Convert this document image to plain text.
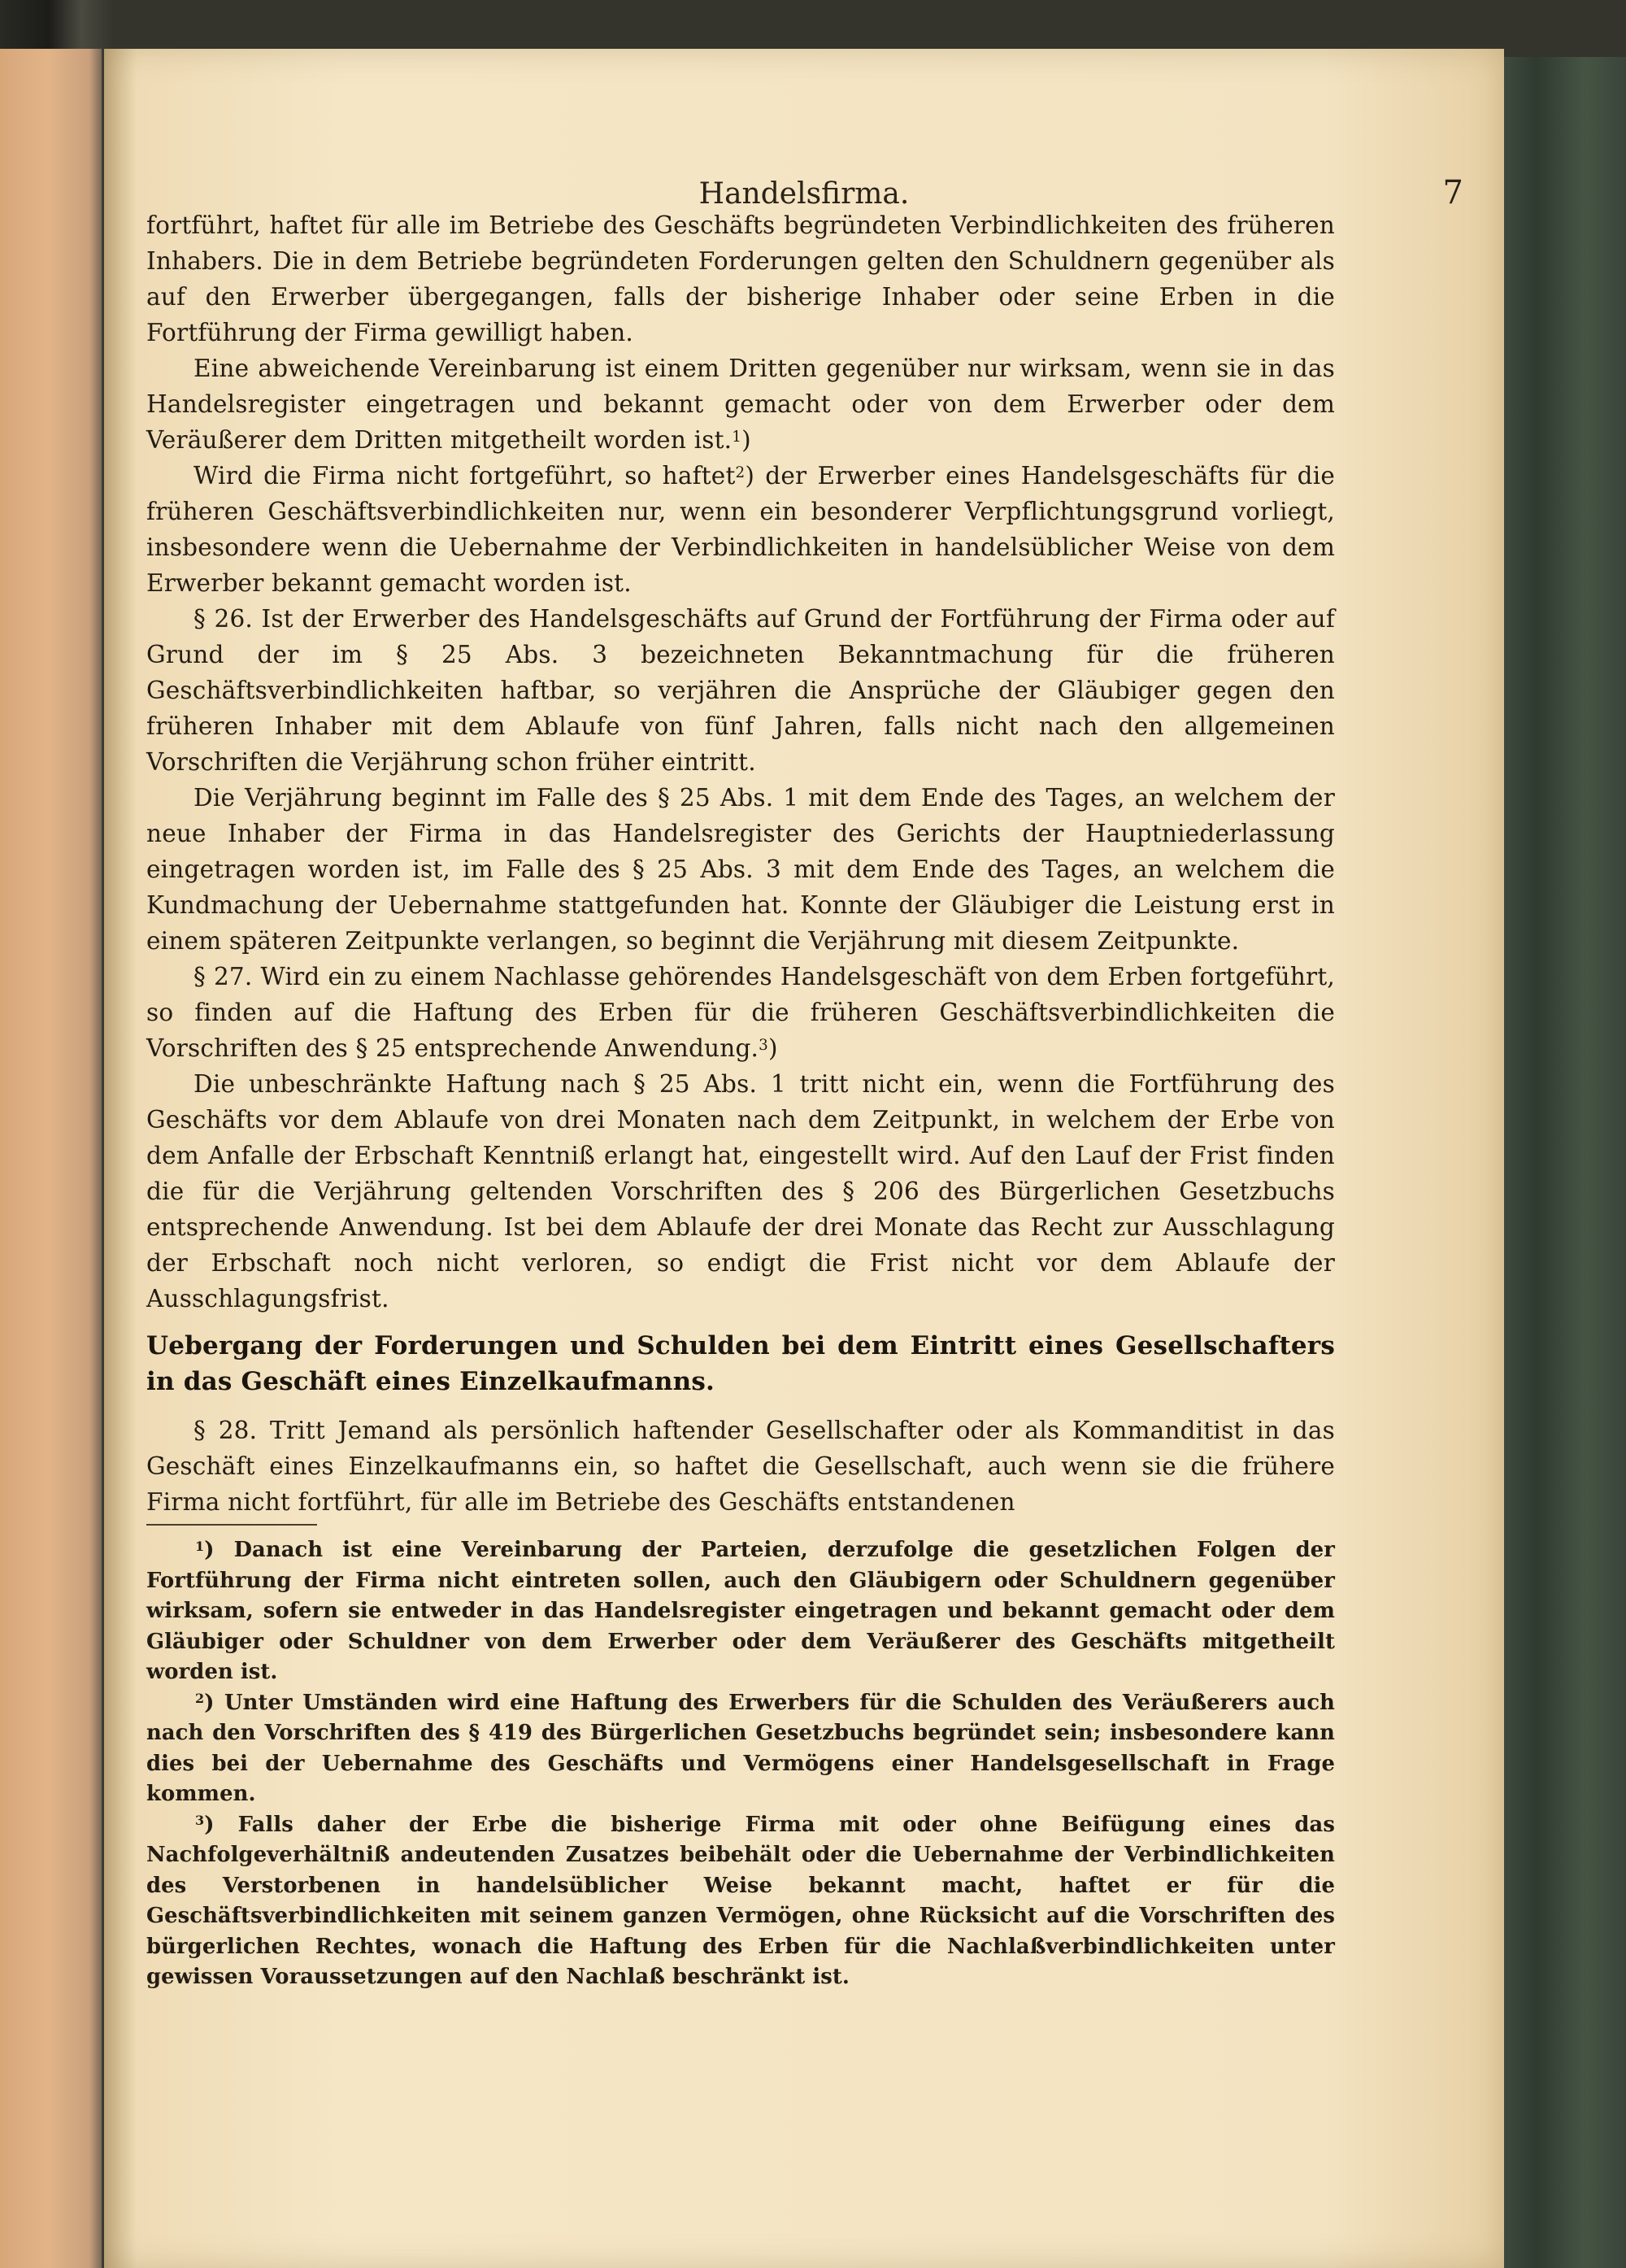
Handelsfirma.	7

fortführt, haftet für alle im Betriebe des Geschäfts begründeten Verbindlichkeiten des früheren Inhabers. Die in dem Betriebe begründeten Forderungen gelten den Schuldnern gegenüber als auf den Erwerber übergegangen, falls der bisherige Inhaber oder seine Erben in die Fortführung der Firma gewilligt haben.

Eine abweichende Vereinbarung ist einem Dritten gegenüber nur wirksam, wenn sie in das Handelsregister eingetragen und bekannt gemacht oder von dem Erwerber oder dem Veräußerer dem Dritten mitgetheilt worden ist.$^1$)

Wird die Firma nicht fortgeführt, so haftet$^2$) der Erwerber eines Handelsgeschäfts für die früheren Geschäftsverbindlichkeiten nur, wenn ein besonderer Verpflichtungsgrund vorliegt, insbesondere wenn die Uebernahme der Verbindlichkeiten in handelsüblicher Weise von dem Erwerber bekannt gemacht worden ist.

§ 26. Ist der Erwerber des Handelsgeschäfts auf Grund der Fortführung der Firma oder auf Grund der im § 25 Abs. 3 bezeichneten Bekanntmachung für die früheren Geschäftsverbindlichkeiten haftbar, so verjähren die Ansprüche der Gläubiger gegen den früheren Inhaber mit dem Ablaufe von fünf Jahren, falls nicht nach den allgemeinen Vorschriften die Verjährung schon früher eintritt.

Die Verjährung beginnt im Falle des § 25 Abs. 1 mit dem Ende des Tages, an welchem der neue Inhaber der Firma in das Handelsregister des Gerichts der Hauptniederlassung eingetragen worden ist, im Falle des § 25 Abs. 3 mit dem Ende des Tages, an welchem die Kundmachung der Uebernahme stattgefunden hat. Konnte der Gläubiger die Leistung erst in einem späteren Zeitpunkte verlangen, so beginnt die Verjährung mit diesem Zeitpunkte.

§ 27. Wird ein zu einem Nachlasse gehörendes Handelsgeschäft von dem Erben fortgeführt, so finden auf die Haftung des Erben für die früheren Geschäftsverbindlichkeiten die Vorschriften des § 25 entsprechende Anwendung.$^3$)

Die unbeschränkte Haftung nach § 25 Abs. 1 tritt nicht ein, wenn die Fortführung des Geschäfts vor dem Ablaufe von drei Monaten nach dem Zeitpunkt, in welchem der Erbe von dem Anfalle der Erbschaft Kenntniß erlangt hat, eingestellt wird. Auf den Lauf der Frist finden die für die Verjährung geltenden Vorschriften des § 206 des Bürgerlichen Gesetzbuchs entsprechende Anwendung. Ist bei dem Ablaufe der drei Monate das Recht zur Ausschlagung der Erbschaft noch nicht verloren, so endigt die Frist nicht vor dem Ablaufe der Ausschlagungsfrist.

Uebergang der Forderungen und Schulden bei dem Eintritt eines Gesellschafters in das Geschäft eines Einzelkaufmanns.

§ 28. Tritt Jemand als persönlich haftender Gesellschafter oder als Kommanditist in das Geschäft eines Einzelkaufmanns ein, so haftet die Gesellschaft, auch wenn sie die frühere Firma nicht fortführt, für alle im Betriebe des Geschäfts entstandenen

$^1$) Danach ist eine Vereinbarung der Parteien, derzufolge die gesetzlichen Folgen der Fortführung der Firma nicht eintreten sollen, auch den Gläubigern oder Schuldnern gegenüber wirksam, sofern sie entweder in das Handelsregister eingetragen und bekannt gemacht oder dem Gläubiger oder Schuldner von dem Erwerber oder dem Veräußerer des Geschäfts mitgetheilt worden ist.

$^2$) Unter Umständen wird eine Haftung des Erwerbers für die Schulden des Veräußerers auch nach den Vorschriften des § 419 des Bürgerlichen Gesetzbuchs begründet sein; insbesondere kann dies bei der Uebernahme des Geschäfts und Vermögens einer Handelsgesellschaft in Frage kommen.

$^3$) Falls daher der Erbe die bisherige Firma mit oder ohne Beifügung eines das Nachfolgeverhältniß andeutenden Zusatzes beibehält oder die Uebernahme der Verbindlichkeiten des Verstorbenen in handelsüblicher Weise bekannt macht, haftet er für die Geschäftsverbindlichkeiten mit seinem ganzen Vermögen, ohne Rücksicht auf die Vorschriften des bürgerlichen Rechtes, wonach die Haftung des Erben für die Nachlaßverbindlichkeiten unter gewissen Voraussetzungen auf den Nachlaß beschränkt ist.
